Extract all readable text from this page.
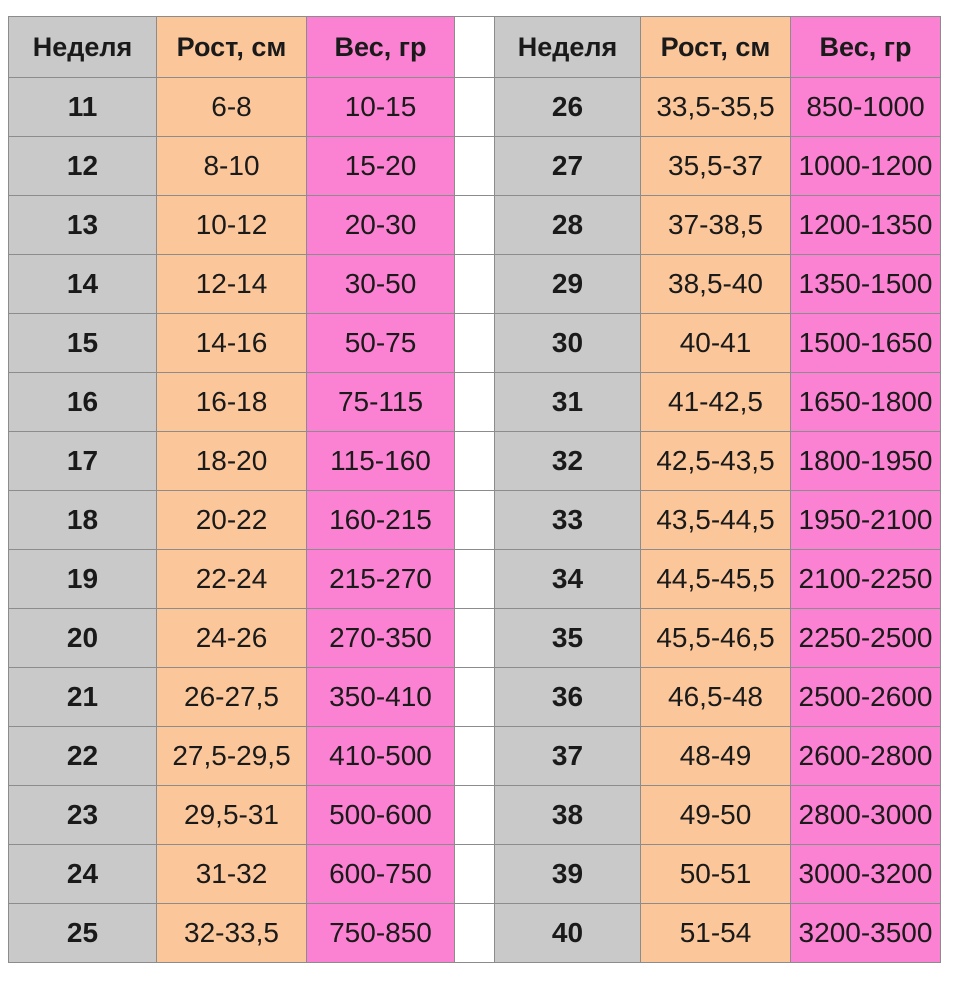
Неделя	Рост, см	Вес, гр		Неделя	Рост, см	Вес, гр
11	6-8	10-15		26	33,5-35,5	850-1000
12	8-10	15-20		27	35,5-37	1000-1200
13	10-12	20-30		28	37-38,5	1200-1350
14	12-14	30-50		29	38,5-40	1350-1500
15	14-16	50-75		30	40-41	1500-1650
16	16-18	75-115		31	41-42,5	1650-1800
17	18-20	115-160		32	42,5-43,5	1800-1950
18	20-22	160-215		33	43,5-44,5	1950-2100
19	22-24	215-270		34	44,5-45,5	2100-2250
20	24-26	270-350		35	45,5-46,5	2250-2500
21	26-27,5	350-410		36	46,5-48	2500-2600
22	27,5-29,5	410-500		37	48-49	2600-2800
23	29,5-31	500-600		38	49-50	2800-3000
24	31-32	600-750		39	50-51	3000-3200
25	32-33,5	750-850		40	51-54	3200-3500
